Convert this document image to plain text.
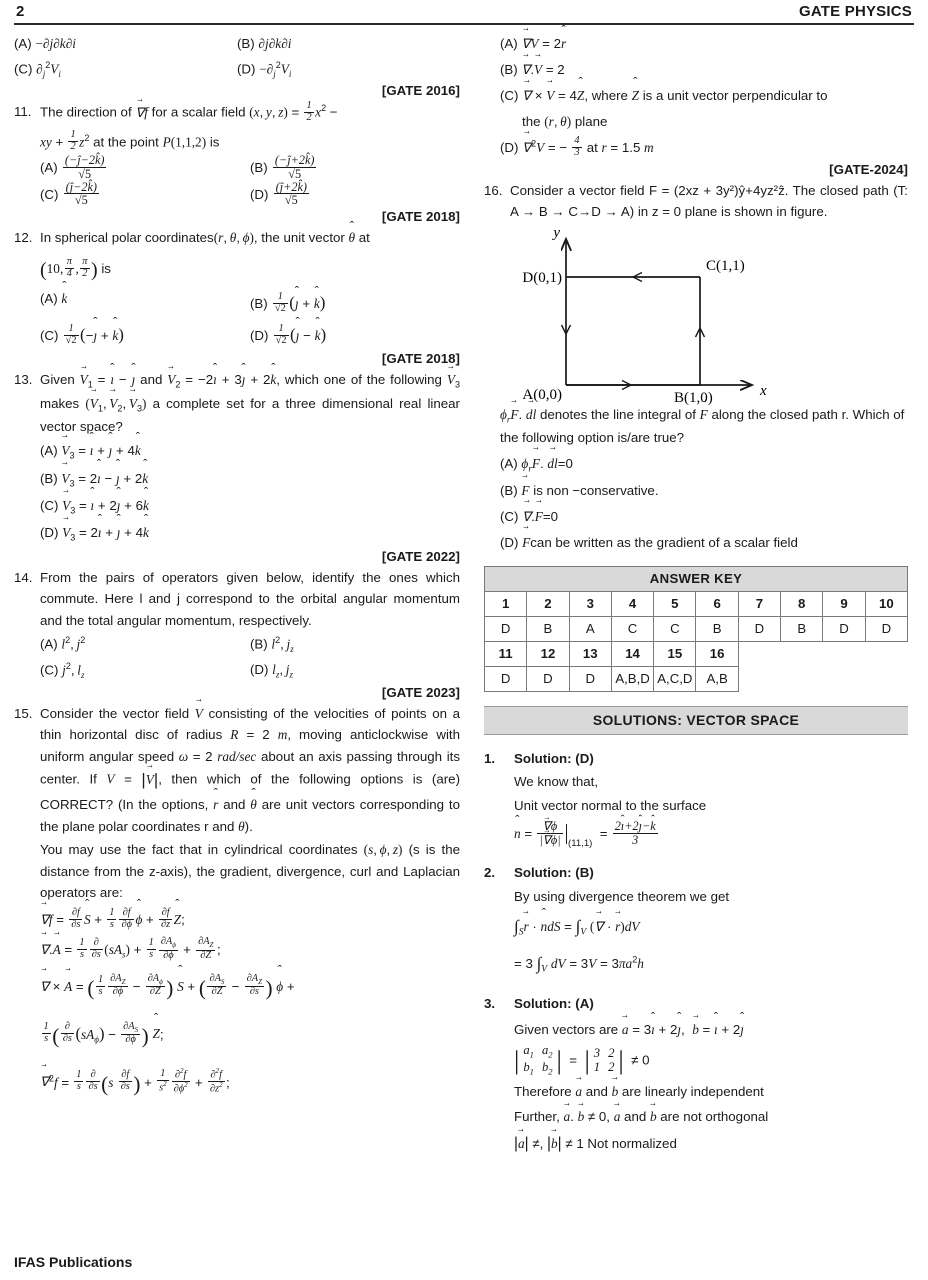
2	GATE PHYSICS
(A) −∂j∂k∂i	(B) ∂j∂k∂i
(C) $\partial_j^2V_i$	$(D) -\partial_j^2V_i$
[GATE 2016]
11. The direction of ∇ →f for a scalar field (x, y, $z) = \frac{1}{2} x^2$ −
xy + $\frac{1}{2} z^2$ at the point P(1,1,2) is
$(A) \frac{(-ĵ-2k̂)}{√5}$	$(B) \frac{(-ĵ+2k̂)}{√5}$
$(C) \frac{(ĵ-2k̂)}{√5}$	$(D) \frac{(ĵ+2k̂)}{√5}$
[GATE 2018]
12. In spherical polar coordinates(r, θ, ϕ), the unit vector θ ˆ at
(10, $\frac{\pi}{4}$ , $\frac{\pi}{2}$ ) is
(A) k ˆ	$(B) \frac{1}{√2}$ (ȷ ˆ + k ˆ)
$(C) \frac{1}{√2}$ (−ȷ ˆ + k ˆ)	$(D) \frac{1}{√2}$ (ȷ ˆ − k ˆ)
[GATE 2018]
13. Given $V \to_1$ = ı ˆ − ȷ ˆ and $V \to_2$ = −2ı ˆ + 3ȷ ˆ + 2k ˆ, which one of the following $V \to_3$ makes ($V \to_1$, $V \to_2$, $V \to_3$) a complete set for a three dimensional real linear vector space?
(A) $V \to_3$ = ı ˆ + ȷ ˆ + 4k ˆ
(B) $V \to_3$ = 2ı ˆ − ȷ ˆ + 2k ˆ
(C) $V \to_3$ = ı ˆ + 2ȷ ˆ + 6k ˆ
(D) $V \to_3$ = 2ı ˆ + ȷ ˆ + 4k ˆ
[GATE 2022]
14. From the pairs of operators given below, identify the ones which commute. Here l and j correspond to the orbital angular momentum and the total angular momentum, respectively.
(A) $l^2$, $j^2$	(B) $l^2$, $j_z$
(C) $j^2$, $l_z$	(D) $l_z$, $j_z$
[GATE 2023]
15. Consider the vector field V → consisting of the velocities of points on a thin horizontal disc of radius R = 2 m, moving anticlockwise with uniform angular speed ω = 2 rad/sec about an axis passing through its center. If V = |V →|, then which of the following options is (are) CORRECT? (In the options, r ˆ and θ ˆ are unit vectors corresponding to the plane polar coordinates r and θ).
You may use the fact that in cylindrical coordinates (s, ϕ, z) (s is the distance from the z-axis), the gradient, divergence, curl and Laplacian operators are:
∇ $\to f = \frac{\partial f}{\partial s}$ S ˆ + $\frac{1}{s} \frac{\partial f}{\partial\phi}$ ϕ ˆ + $\frac{\partial f}{\partial z}$ Z ˆ;
∇ →.A → = $\frac{1}{s} \frac{\partial}{\partial s} (sA_s) + \frac{1}{s} \frac{\partial A_\phi}{\partial\phi} + \frac{\partial A_Z}{\partial Z}$ ;
∇ → × A → = ( $\frac{1}{s} \frac{\partial A_Z}{\partial\phi} - \frac{\partial A_\phi}{\partial Z}$ ) S ˆ + ( $\frac{\partial A_S}{\partial Z} - \frac{\partial A_Z}{\partial s}$ ) ϕ ˆ +
$\frac{1}{s}$ ( $\frac{\partial}{\partial s} (sA_\phi) - \frac{\partial A_S}{\partial\phi}$ ) Z ˆ;
∇ $\to^2f = \frac{1}{s} \frac{\partial}{\partial s} (s \frac{\partial f}{\partial s}$ ) + $\frac{1}{s^2} \frac{\partial^2f}{\partial\phi^2} + \frac{\partial^2f}{\partial z^2}$ ;
(A) ∇ →V = 2r ˆ
(B) ∇ →.V → = 2
(C) ∇ → × V → = 4Z ˆ, where Z ˆ is a unit vector perpendicular to
the (r, θ) plane
(D) ∇ →$^2$V = − $\frac{4}{3}$ at r = 1.5 m
[GATE-2024]
16. Consider a vector field F = (2xz + 3y²)ŷ+4yz²ẑ. The closed path (T: A → B → C→D → A) in z = 0 plane is shown in figure.
y
x
D(0,1)
C(1,1)
A(0,0)	B(1,0)
$\phi_rF$ →. dl → denotes the line integral of F → along the closed path r. Which of the following option is/are true?
(A) $\phi_rF$ →. dl →=0
(B) F → is non −conservative.
(C) ∇ →.F →=0
(D) F →can be written as the gradient of a scalar field
ANSWER KEY									
1	2	3	4	5	6	7	8	9	10
D	B	A	C	C	B	D	B	D	D
11	12	13	14	15	16				
D	D	D	A,B,D	A,C,D	A,B				
SOLUTIONS: VECTOR SPACE
1.	Solution: (D)
We know that,
Unit vector normal to the surface
n ˆ = $\frac{\nabla \to\phi}{|\nabla \to\phi|} _{(11,1)} = \frac{\text{2ı ˆ+2ȷ ˆ−k ˆ}}{3}$
2.	Solution: (B)
By using divergence theorem we get
$\int_Sr$ → · n ˆdS = $\int_V$ (∇ → · r →)dV
= 3 $\int_V$ dV = $3V = 3\pi a^2h$
3.	Solution: (A)
Given vectors are a → = 3ı ˆ + 2ȷ ˆ,  b → = ı ˆ + 2ȷ ˆ
| $a_1$	$a_2$
$b_1$	$b_2$ | = | 3	2
1	2 | ≠ 0
Therefore a → and b → are linearly independent
Further, a →. b → ≠ 0, a → and b → are not orthogonal
|a →| ≠, |b →| ≠ 1 Not normalized
IFAS Publications
